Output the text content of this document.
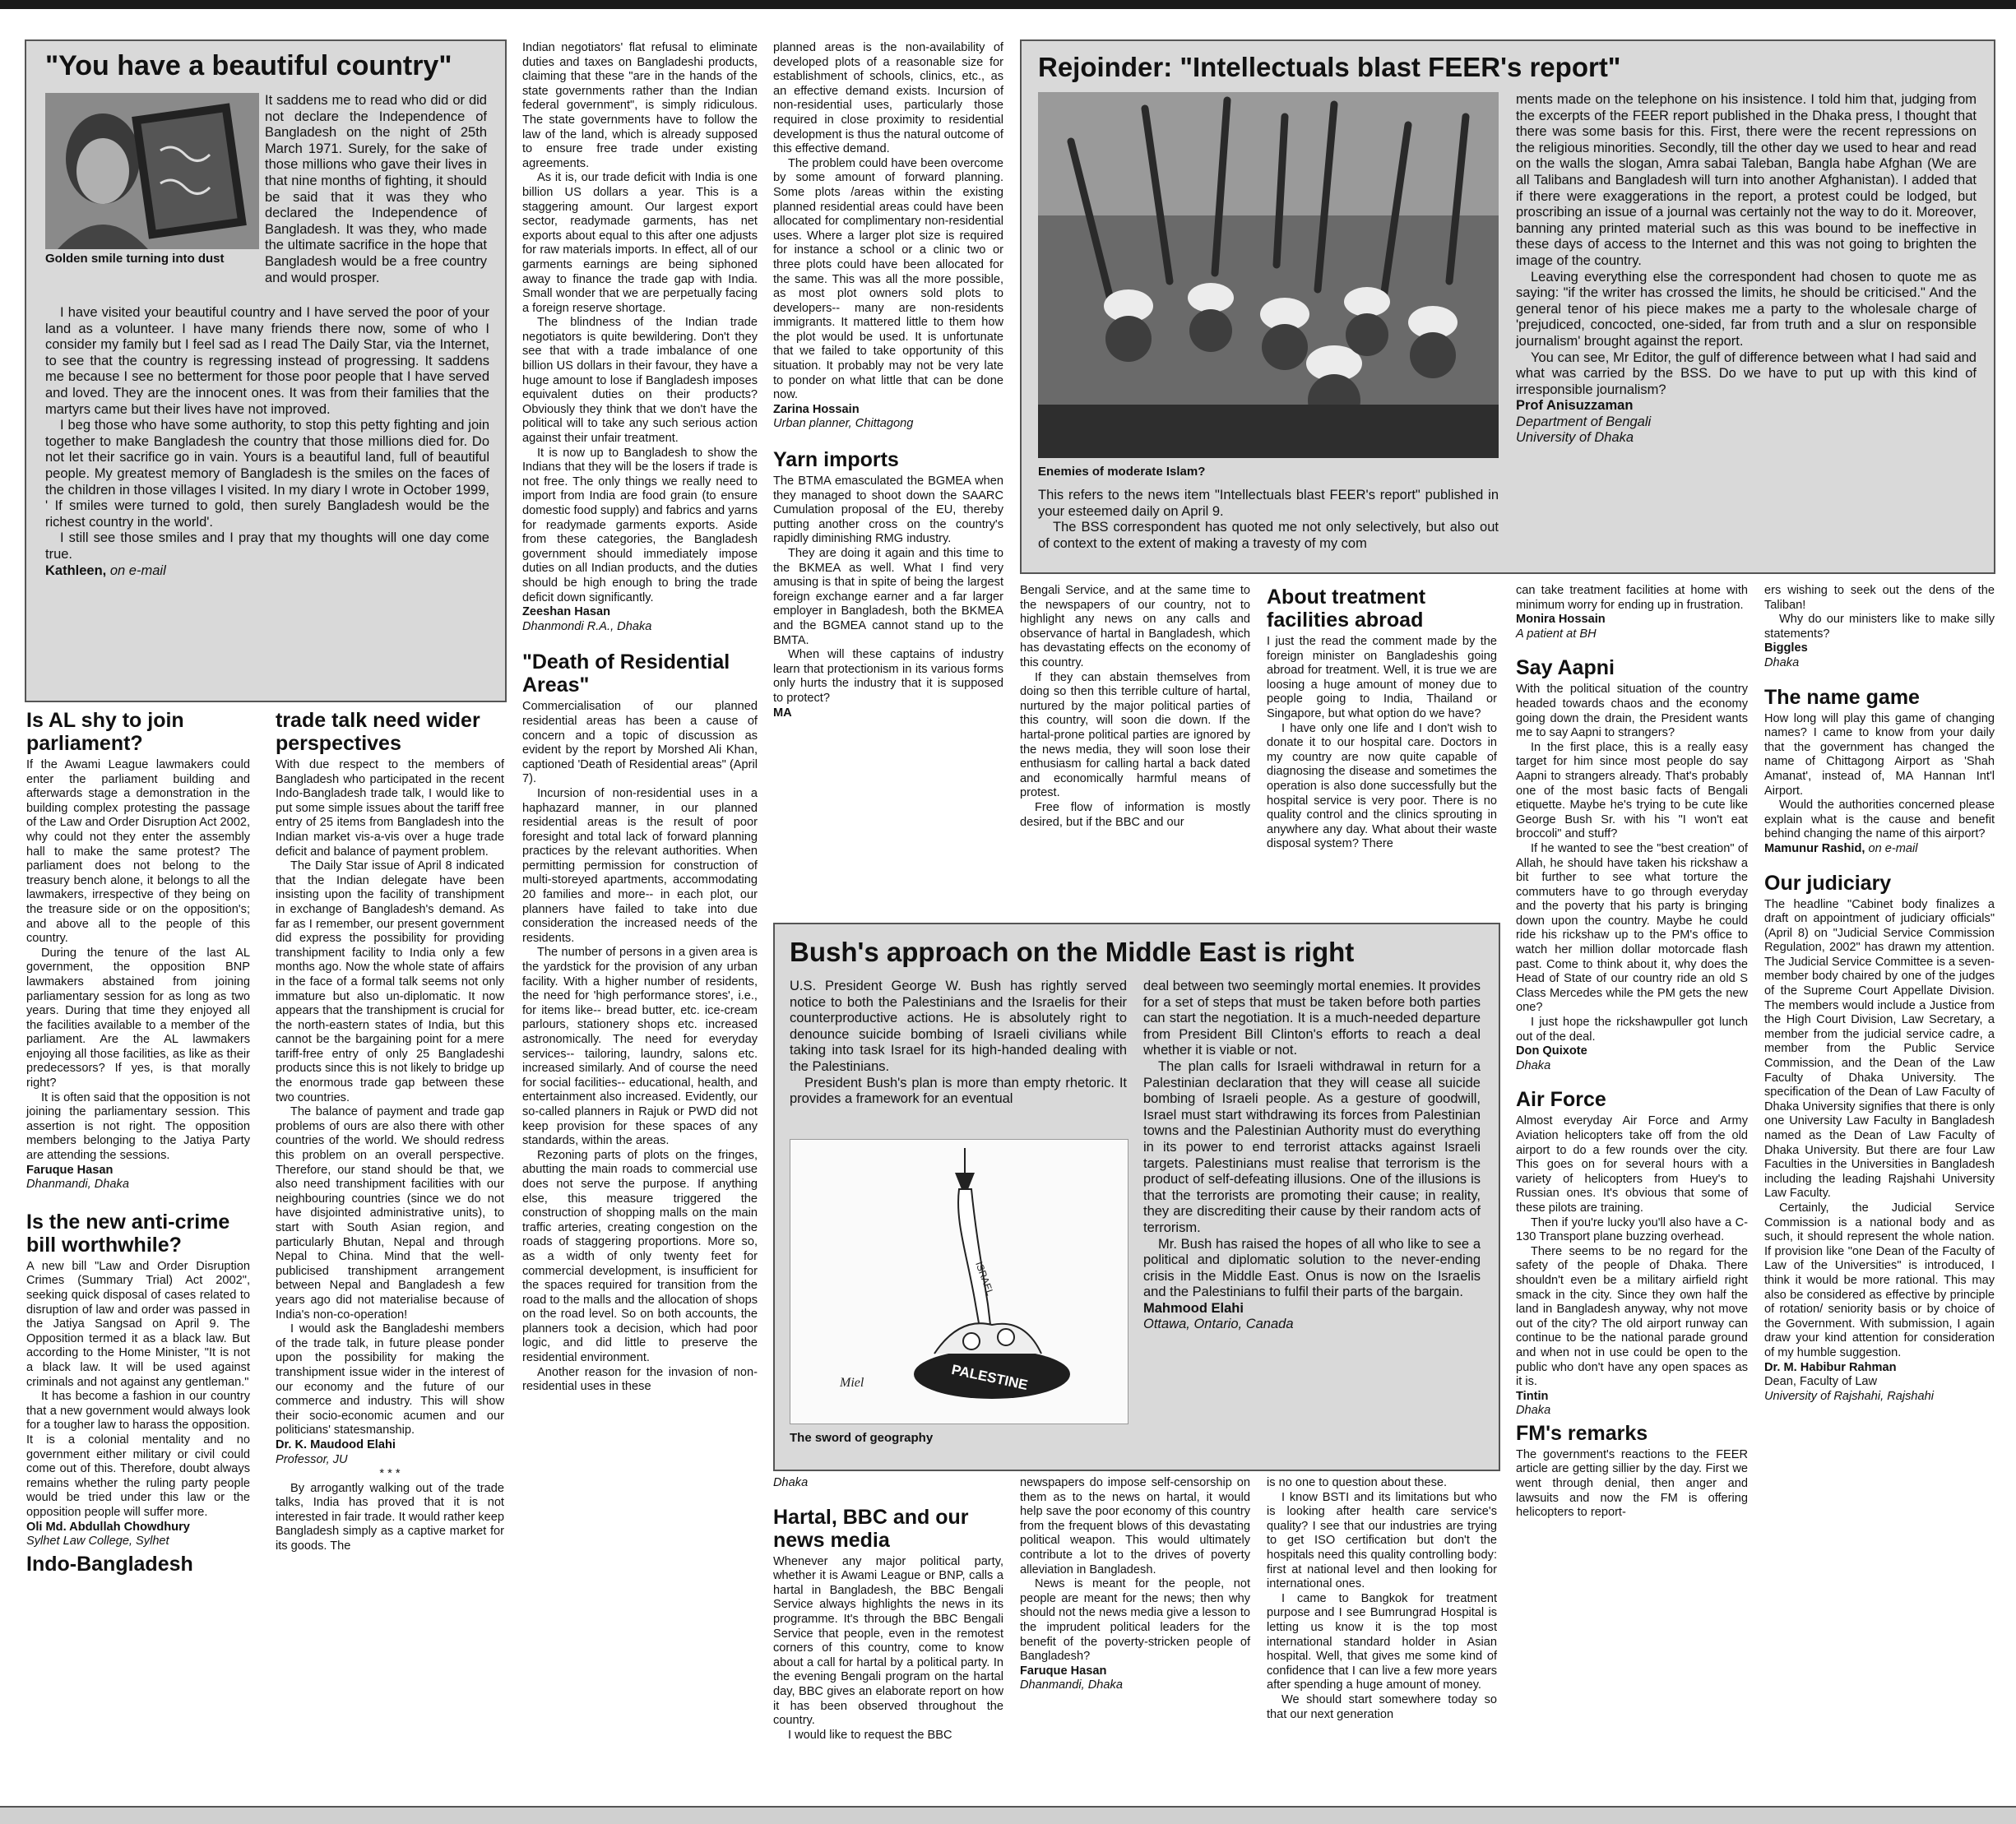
"You have a beautiful country"
Golden smile turning into dust

It saddens me to read who did or did not declare the Independence of Bangladesh on the night of 25th March 1971. Surely, for the sake of those millions who gave their lives in that nine months of fighting, it should be said that it was they who declared the Independence of Bangladesh. It was they, who made the ultimate sacrifice in the hope that Bangladesh would be a free country and would prosper.

I have visited your beautiful country and I have served the poor of your land as a volunteer. I have many friends there now, some of who I consider my family but I feel sad as I read The Daily Star, via the Internet, to see that the country is regressing instead of progressing. It saddens me because I see no betterment for those poor people that I have served and loved. They are the innocent ones. It was from their families that the martyrs came but their lives have not improved.

I beg those who have some authority, to stop this petty fighting and join together to make Bangladesh the country that those millions died for. Do not let their sacrifice go in vain. Yours is a beautiful land, full of beautiful people. My greatest memory of Bangladesh is the smiles on the faces of the children in those villages I visited. In my diary I wrote in October 1999, ' If smiles were turned to gold, then surely Bangladesh would be the richest country in the world'.

I still see those smiles and I pray that my thoughts will one day come true.

Kathleen, on e-mail

Is AL shy to join parliament?

If the Awami League lawmakers could enter the parliament building and afterwards stage a demonstration in the building complex protesting the passage of the Law and Order Disruption Act 2002, why could not they enter the assembly hall to make the same protest? The parliament does not belong to the treasury bench alone, it belongs to all the lawmakers, irrespective of they being on the treasure side or on the opposition's; and above all to the people of this country.

During the tenure of the last AL government, the opposition BNP lawmakers abstained from joining parliamentary session for as long as two years. During that time they enjoyed all the facilities available to a member of the parliament. Are the AL lawmakers enjoying all those facilities, as like as their predecessors? If yes, is that morally right?

It is often said that the opposition is not joining the parliamentary session. This assertion is not right. The opposition members belonging to the Jatiya Party are attending the sessions.

Faruque Hasan

Dhanmandi, Dhaka

Is the new anti-crime bill worthwhile?

A new bill "Law and Order Disruption Crimes (Summary Trial) Act 2002", seeking quick disposal of cases related to disruption of law and order was passed in the Jatiya Sangsad on April 9. The Opposition termed it as a black law. But according to the Home Minister, "It is not a black law. It will be used against criminals and not against any gentleman."

It has become a fashion in our country that a new government would always look for a tougher law to harass the opposition. It is a colonial mentality and no government either military or civil could come out of this. Therefore, doubt always remains whether the ruling party people would be tried under this law or the opposition people will suffer more.

Oli Md. Abdullah Chowdhury

Sylhet Law College, Sylhet

Indo-Bangladesh
trade talk need wider perspectives

With due respect to the members of Bangladesh who participated in the recent Indo-Bangladesh trade talk, I would like to put some simple issues about the tariff free entry of 25 items from Bangladesh into the Indian market vis-a-vis over a huge trade deficit and balance of payment problem.

The Daily Star issue of April 8 indicated that the Indian delegate have been insisting upon the facility of transhipment in exchange of Bangladesh's demand. As far as I remember, our present government did express the possibility for providing transhipment facility to India only a few months ago. Now the whole state of affairs in the face of a formal talk seems not only immature but also un-diplomatic. It now appears that the transhipment is crucial for the north-eastern states of India, but this cannot be the bargaining point for a mere tariff-free entry of only 25 Bangladeshi products since this is not likely to bridge up the enormous trade gap between these two countries.

The balance of payment and trade gap problems of ours are also there with other countries of the world. We should redress this problem on an overall perspective. Therefore, our stand should be that, we also need transhipment facilities with our neighbouring countries (since we do not have disjointed administrative units), to start with South Asian region, and particularly Bhutan, Nepal and through Nepal to China. Mind that the well-publicised transhipment arrangement between Nepal and Bangladesh a few years ago did not materialise because of India's non-co-operation!

I would ask the Bangladeshi members of the trade talk, in future please ponder upon the possibility for making the transhipment issue wider in the interest of our economy and the future of our commerce and industry. This will show their socio-economic acumen and our politicians' statesmanship.

Dr. K. Maudood Elahi

Professor, JU

* * *

By arrogantly walking out of the trade talks, India has proved that it is not interested in fair trade. It would rather keep Bangladesh simply as a captive market for its goods. The

Indian negotiators' flat refusal to eliminate duties and taxes on Bangladeshi products, claiming that these "are in the hands of the state governments rather than the Indian federal government", is simply ridiculous. The state governments have to follow the law of the land, which is already supposed to ensure free trade under existing agreements.

As it is, our trade deficit with India is one billion US dollars a year. This is a staggering amount. Our largest export sector, readymade garments, has net exports about equal to this after one adjusts for raw materials imports. In effect, all of our garments earnings are being siphoned away to finance the trade gap with India. Small wonder that we are perpetually facing a foreign reserve shortage.

The blindness of the Indian trade negotiators is quite bewildering. Don't they see that with a trade imbalance of one billion US dollars in their favour, they have a huge amount to lose if Bangladesh imposes equivalent duties on their products? Obviously they think that we don't have the political will to take any such serious action against their unfair treatment.

It is now up to Bangladesh to show the Indians that they will be the losers if trade is not free. The only things we really need to import from India are food grain (to ensure domestic food supply) and fabrics and yarns for readymade garments exports. Aside from these categories, the Bangladesh government should immediately impose duties on all Indian products, and the duties should be high enough to bring the trade deficit down significantly.

Zeeshan Hasan

Dhanmondi R.A., Dhaka

"Death of Residential Areas"

Commercialisation of our planned residential areas has been a cause of concern and a topic of discussion as evident by the report by Morshed Ali Khan, captioned 'Death of Residential areas" (April 7).

Incursion of non-residential uses in a haphazard manner, in our planned residential areas is the result of poor foresight and total lack of forward planning practices by the relevant authorities. When permitting permission for construction of multi-storeyed apartments, accommodating 20 families and more-- in each plot, our planners have failed to take into due consideration the increased needs of the residents.

The number of persons in a given area is the yardstick for the provision of any urban facility. With a higher number of residents, the need for 'high performance stores', i.e., for items like-- bread butter, etc. ice-cream parlours, stationery shops etc. increased astronomically. The need for everyday services-- tailoring, laundry, salons etc. increased similarly. And of course the need for social facilities-- educational, health, and entertainment also increased. Evidently, our so-called planners in Rajuk or PWD did not keep provision for these spaces of any standards, within the areas.

Rezoning parts of plots on the fringes, abutting the main roads to commercial use does not serve the purpose. If anything else, this measure triggered the construction of shopping malls on the main traffic arteries, creating congestion on the roads of staggering proportions. More so, as a width of only twenty feet for commercial development, is insufficient for the spaces required for transition from the road to the malls and the allocation of shops on the road level. So on both accounts, the planners took a decision, which had poor logic, and did little to preserve the residential environment.

Another reason for the invasion of non-residential uses in these

planned areas is the non-availability of developed plots of a reasonable size for establishment of schools, clinics, etc., as an effective demand exists. Incursion of non-residential uses, particularly those required in close proximity to residential development is thus the natural outcome of this effective demand.

The problem could have been overcome by some amount of forward planning. Some plots /areas within the existing planned residential areas could have been allocated for complimentary non-residential uses. Where a larger plot size is required for instance a school or a clinic two or three plots could have been allocated for the same. This was all the more possible, as most plot owners sold plots to developers-- many are non-residents immigrants. It mattered little to them how the plot would be used. It is unfortunate that we failed to take opportunity of this situation. It probably may not be very late to ponder on what little that can be done now.

Zarina Hossain

Urban planner, Chittagong

Yarn imports

The BTMA emasculated the BGMEA when they managed to shoot down the SAARC Cumulation proposal of the EU, thereby putting another cross on the country's rapidly diminishing RMG industry.

They are doing it again and this time to the BKMEA as well. What I find very amusing is that in spite of being the largest foreign exchange earner and a far larger employer in Bangladesh, both the BKMEA and the BGMEA cannot stand up to the BMTA.

When will these captains of industry learn that protectionism in its various forms only hurts the industry that it is supposed to protect?

MA

Rejoinder: "Intellectuals blast FEER's report"
Enemies of moderate Islam?

This refers to the news item "Intellectuals blast FEER's report" published in your esteemed daily on April 9.

The BSS correspondent has quoted me not only selectively, but also out of context to the extent of making a travesty of my com

ments made on the telephone on his insistence. I told him that, judging from the excerpts of the FEER report published in the Dhaka press, I thought that there was some basis for this. First, there were the recent repressions on the religious minorities. Secondly, till the other day we used to hear and read on the walls the slogan, Amra sabai Taleban, Bangla habe Afghan (We are all Talibans and Bangladesh will turn into another Afghanistan). I added that if there were exaggerations in the report, a protest could be lodged, but proscribing an issue of a journal was certainly not the way to do it. Moreover, banning any printed material such as this was bound to be ineffective in these days of access to the Internet and this was not going to brighten the image of the country.

Leaving everything else the correspondent had chosen to quote me as saying: "if the writer has crossed the limits, he should be criticised." And the general tenor of his piece makes me a party to the wholesale charge of 'prejudiced, concocted, one-sided, far from truth and a slur on responsible journalism' brought against the report.

You can see, Mr Editor, the gulf of difference between what I had said and what was carried by the BSS. Do we have to put up with this kind of irresponsible journalism?

Prof Anisuzzaman

Department of Bengali

University of Dhaka

Bengali Service, and at the same time to the newspapers of our country, not to highlight any news on any calls and observance of hartal in Bangladesh, which has devastating effects on the economy of this country.

If they can abstain themselves from doing so then this terrible culture of hartal, nurtured by the major political parties of this country, will soon die down. If the hartal-prone political parties are ignored by the news media, they will soon lose their enthusiasm for calling hartal a back dated and economically harmful means of protest.

Free flow of information is mostly desired, but if the BBC and our

About treatment facilities abroad

I just the read the comment made by the foreign minister on Bangladeshis going abroad for treatment. Well, it is true we are loosing a huge amount of money due to people going to India, Thailand or Singapore, but what option do we have?

I have only one life and I don't wish to donate it to our hospital care. Doctors in my country are now quite capable of diagnosing the disease and sometimes the operation is also done successfully but the hospital service is very poor. There is no quality control and the clinics sprouting in anywhere any day. What about their waste disposal system? There

can take treatment facilities at home with minimum worry for ending up in frustration.

Monira Hossain

A patient at BH

Say Aapni

With the political situation of the country headed towards chaos and the economy going down the drain, the President wants me to say Aapni to strangers?

In the first place, this is a really easy target for him since most people do say Aapni to strangers already. That's probably one of the most basic facts of Bengali etiquette. Maybe he's trying to be cute like George Bush Sr. with his "I won't eat broccoli" and stuff?

If he wanted to see the "best creation" of Allah, he should have taken his rickshaw a bit further to see what torture the commuters have to go through everyday and the poverty that his party is bringing down upon the country. Maybe he could ride his rickshaw up to the PM's office to watch her million dollar motorcade flash past. Come to think about it, why does the Head of State of our country ride an old S Class Mercedes while the PM gets the new one?

I just hope the rickshawpuller got lunch out of the deal.

Don Quixote

Dhaka

Air Force

Almost everyday Air Force and Army Aviation helicopters take off from the old airport to do a few rounds over the city. This goes on for several hours with a variety of helicopters from Huey's to Russian ones. It's obvious that some of these pilots are training.

Then if you're lucky you'll also have a C-130 Transport plane buzzing overhead.

There seems to be no regard for the safety of the people of Dhaka. There shouldn't even be a military airfield right smack in the city. Since they own half the land in Bangladesh anyway, why not move out of the city? The old airport runway can continue to be the national parade ground and when not in use could be open to the public who don't have any open spaces as it is.

Tintin

Dhaka

FM's remarks

The government's reactions to the FEER article are getting sillier by the day. First we went through denial, then anger and lawsuits and now the FM is offering helicopters to report-

ers wishing to seek out the dens of the Taliban!

Why do our ministers like to make silly statements?

Biggles

Dhaka

The name game

How long will play this game of changing names? I came to know from your daily that the government has changed the name of Chittagong Airport as 'Shah Amanat', instead of, MA Hannan Int'l Airport.

Would the authorities concerned please explain what is the cause and benefit behind changing the name of this airport?

Mamunur Rashid, on e-mail

Our judiciary

The headline "Cabinet body finalizes a draft on appointment of judiciary officials" (April 8) on "Judicial Service Commission Regulation, 2002" has drawn my attention. The Judicial Service Committee is a seven-member body chaired by one of the judges of the Supreme Court Appellate Division. The members would include a Justice from the High Court Division, Law Secretary, a member from the judicial service cadre, a member from the Public Service Commission, and the Dean of the Law Faculty of Dhaka University. The specification of the Dean of Law Faculty of Dhaka University signifies that there is only one University Law Faculty in Bangladesh named as the Dean of Law Faculty of Dhaka University. But there are four Law Faculties in the Universities in Bangladesh including the leading Rajshahi University Law Faculty.

Certainly, the Judicial Service Commission is a national body and as such, it should represent the whole nation. If provision like "one Dean of the Faculty of Law of the Universities" is introduced, I think it would be more rational. This may also be considered as effective by principle of rotation/ seniority basis or by choice of the Government. With submission, I again draw your kind attention for consideration of my humble suggestion.

Dr. M. Habibur Rahman

Dean, Faculty of Law

University of Rajshahi, Rajshahi

Bush's approach on the Middle East is right

U.S. President George W. Bush has rightly served notice to both the Palestinians and the Israelis for their counterproductive actions. He is absolutely right to denounce suicide bombing of Israeli civilians while taking into task Israel for its high-handed dealing with the Palestinians.

President Bush's plan is more than empty rhetoric. It provides a framework for an eventual

ISRAEL
PALESTINE
Miel
The sword of geography

deal between two seemingly mortal enemies. It provides for a set of steps that must be taken before both parties can start the negotiation. It is a much-needed departure from President Bill Clinton's efforts to reach a deal whether it is viable or not.

The plan calls for Israeli withdrawal in return for a Palestinian declaration that they will cease all suicide bombing of Israeli people. As a gesture of goodwill, Israel must start withdrawing its forces from Palestinian towns and the Palestinian Authority must do everything in its power to end terrorist attacks against Israeli targets. Palestinians must realise that terrorism is the product of self-defeating illusions. One of the illusions is that the terrorists are promoting their cause; in reality, they are discrediting their cause by their random acts of terrorism.

Mr. Bush has raised the hopes of all who like to see a political and diplomatic solution to the never-ending crisis in the Middle East. Onus is now on the Israelis and the Palestinians to fulfil their parts of the bargain.

Mahmood Elahi

Ottawa, Ontario, Canada

Dhaka

Hartal, BBC and our news media

Whenever any major political party, whether it is Awami League or BNP, calls a hartal in Bangladesh, the BBC Bengali Service always highlights the news in its programme. It's through the BBC Bengali Service that people, even in the remotest corners of this country, come to know about a call for hartal by a political party. In the evening Bengali program on the hartal day, BBC gives an elaborate report on how it has been observed throughout the country.

I would like to request the BBC

newspapers do impose self-censorship on them as to the news on hartal, it would help save the poor economy of this country from the frequent blows of this devastating political weapon. This would ultimately contribute a lot to the drives of poverty alleviation in Bangladesh.

News is meant for the people, not people are meant for the news; then why should not the news media give a lesson to the imprudent political leaders for the benefit of the poverty-stricken people of Bangladesh?

Faruque Hasan

Dhanmandi, Dhaka

is no one to question about these.

I know BSTI and its limitations but who is looking after health care service's quality? I see that our industries are trying to get ISO certification but don't the hospitals need this quality controlling body: first at national level and then looking for international ones.

I came to Bangkok for treatment purpose and I see Bumrungrad Hospital is letting us know it is the top most international standard holder in Asian hospital. Well, that gives me some kind of confidence that I can live a few more years after spending a huge amount of money.

We should start somewhere today so that our next generation
